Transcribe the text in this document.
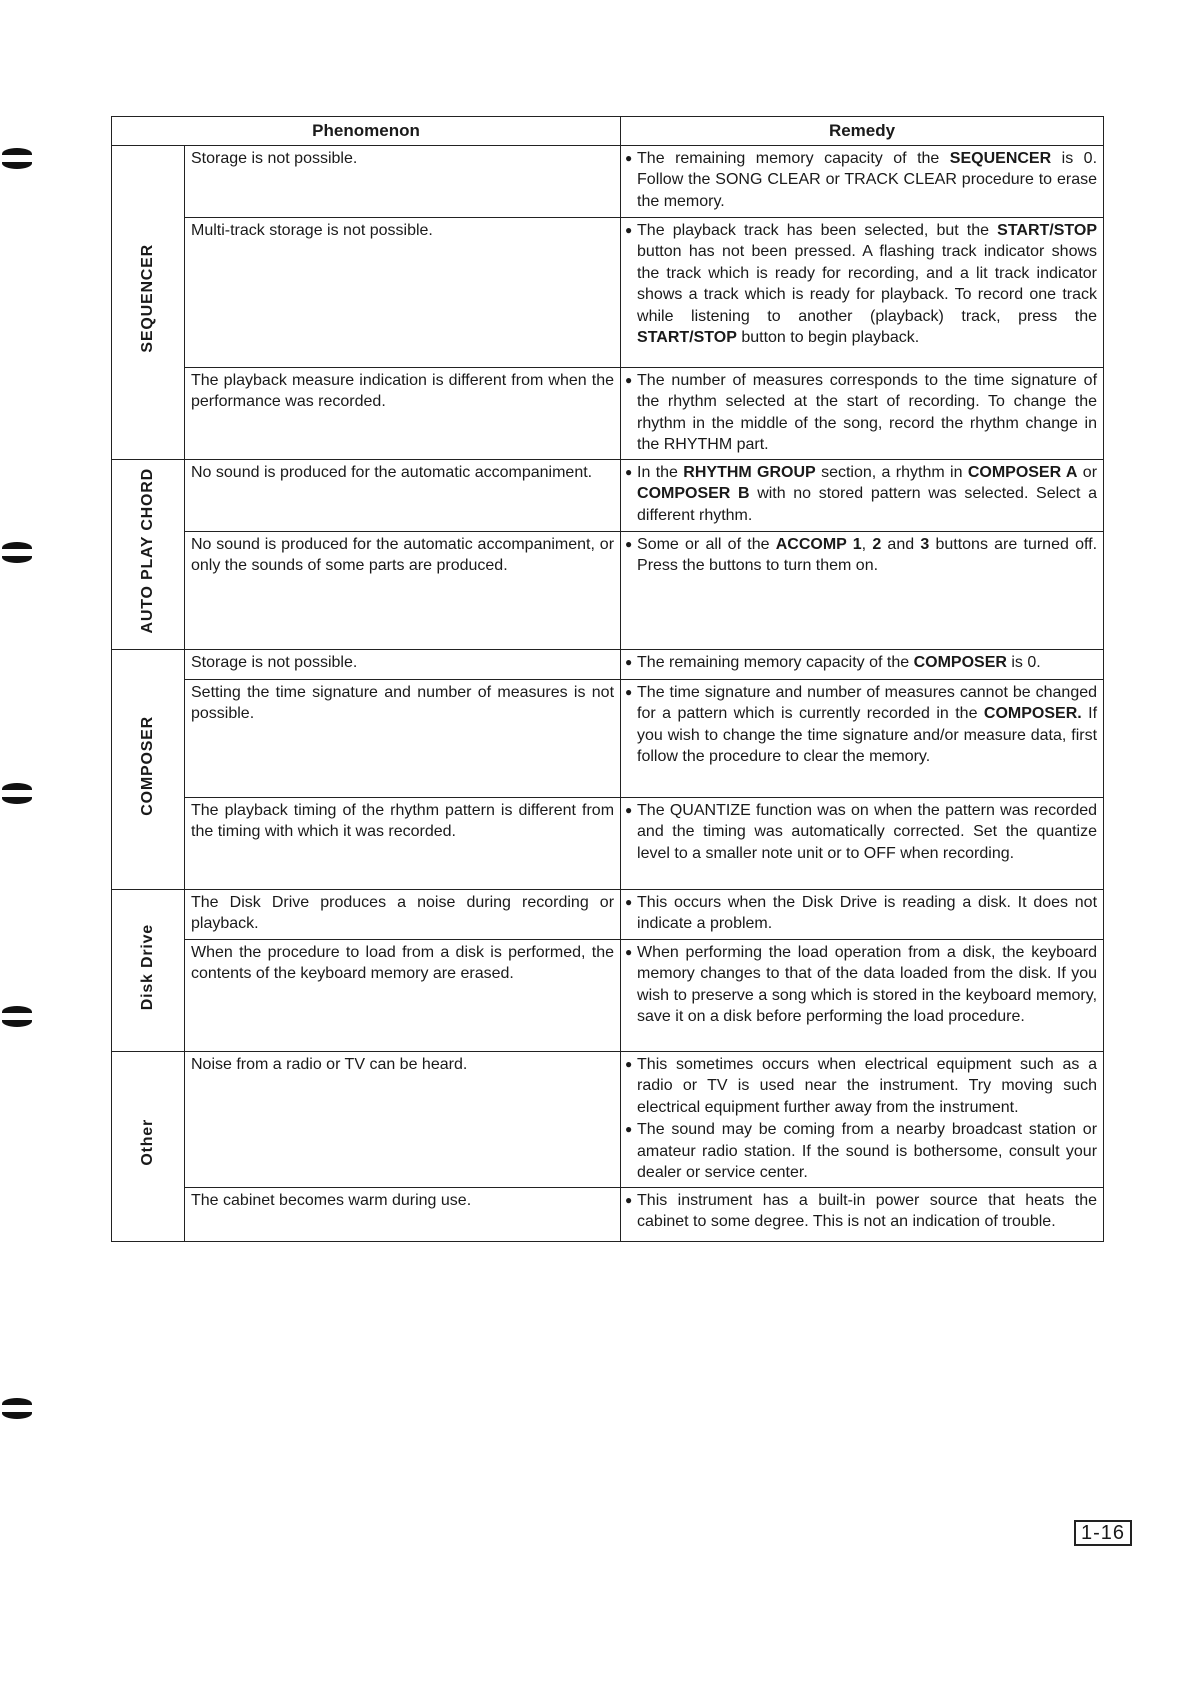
Phenomenon		Remedy
SEQUENCER	Storage is not possible.	● The remaining memory capacity of the SEQUENCER is 0. Follow the SONG CLEAR or TRACK CLEAR procedure to erase the memory.

	Multi-track storage is not possible.	● The playback track has been selected, but the START/STOP button has not been pressed. A flashing track indicator shows the track which is ready for recording, and a lit track indicator shows a track which is ready for playback. To record one track while listening to another (playback) track, press the START/STOP button to begin playback.

	The playback measure indication is different from when the performance was recorded.	● The number of measures corresponds to the time signature of the rhythm selected at the start of recording. To change the rhythm in the middle of the song, record the rhythm change in the RHYTHM part.

AUTO PLAY CHORD	No sound is produced for the automatic accompaniment.	● In the RHYTHM GROUP section, a rhythm in COMPOSER A or COMPOSER B with no stored pattern was selected. Select a different rhythm.

	No sound is produced for the automatic accompaniment, or only the sounds of some parts are produced.	● Some or all of the ACCOMP 1, 2 and 3 buttons are turned off. Press the buttons to turn them on.

COMPOSER	Storage is not possible.	● The remaining memory capacity of the COMPOSER is 0.

	Setting the time signature and number of measures is not possible.	● The time signature and number of measures cannot be changed for a pattern which is currently recorded in the COMPOSER. If you wish to change the time signature and/or measure data, first follow the procedure to clear the memory.

	The playback timing of the rhythm pattern is different from the timing with which it was recorded.	● The QUANTIZE function was on when the pattern was recorded and the timing was automatically corrected. Set the quantize level to a smaller note unit or to OFF when recording.

Disk Drive	The Disk Drive produces a noise during recording or playback.	● This occurs when the Disk Drive is reading a disk. It does not indicate a problem.

	When the procedure to load from a disk is performed, the contents of the keyboard memory are erased.	● When performing the load operation from a disk, the keyboard memory changes to that of the data loaded from the disk. If you wish to preserve a song which is stored in the keyboard memory, save it on a disk before performing the load procedure.

Other	Noise from a radio or TV can be heard.	● This sometimes occurs when electrical equipment such as a radio or TV is used near the instrument. Try moving such electrical equipment further away from the instrument.
● The sound may be coming from a nearby broadcast station or amateur radio station. If the sound is bothersome, consult your dealer or service center.

	The cabinet becomes warm during use.	● This instrument has a built-in power source that heats the cabinet to some degree. This is not an indication of trouble.
1-16
